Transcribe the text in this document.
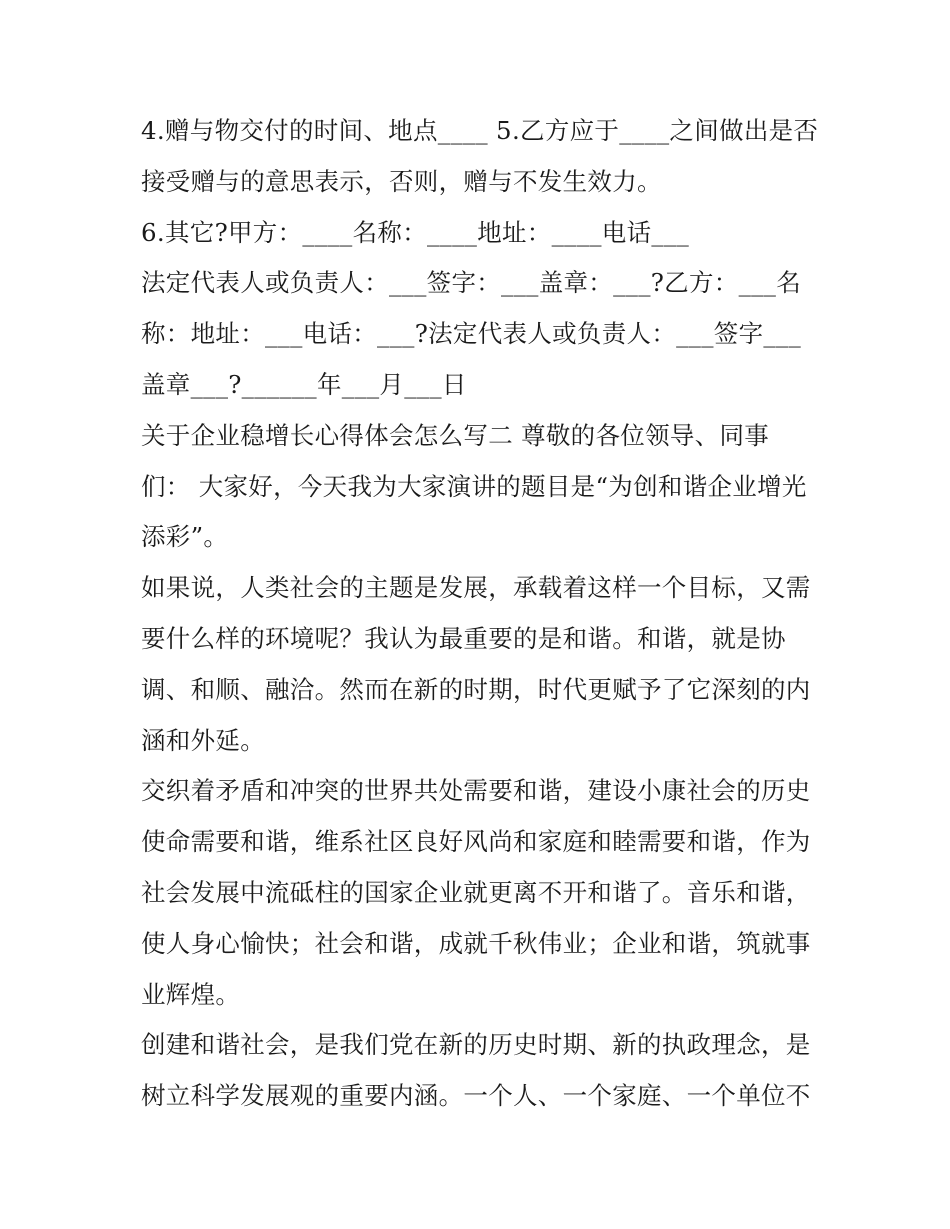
4.赠与物交付的时间、地点____ 5.乙方应于____之间做出是否
接受赠与的意思表示，否则，赠与不发生效力。
6.其它?甲方：____名称：____地址：____电话___
法定代表人或负责人：___签字：___盖章：___?乙方：___名
称：地址：___电话：___?法定代表人或负责人：___签字___
盖章___?______年___月___日
关于企业稳增长心得体会怎么写二 尊敬的各位领导、同事
们： 大家好，今天我为大家演讲的题目是“为创和谐企业增光
添彩”。
如果说，人类社会的主题是发展，承载着这样一个目标，又需
要什么样的环境呢？我认为最重要的是和谐。和谐，就是协
调、和顺、融洽。然而在新的时期，时代更赋予了它深刻的内
涵和外延。
交织着矛盾和冲突的世界共处需要和谐，建设小康社会的历史
使命需要和谐，维系社区良好风尚和家庭和睦需要和谐，作为
社会发展中流砥柱的国家企业就更离不开和谐了。音乐和谐，
使人身心愉快；社会和谐，成就千秋伟业；企业和谐，筑就事
业辉煌。
创建和谐社会，是我们党在新的历史时期、新的执政理念，是
树立科学发展观的重要内涵。一个人、一个家庭、一个单位不
